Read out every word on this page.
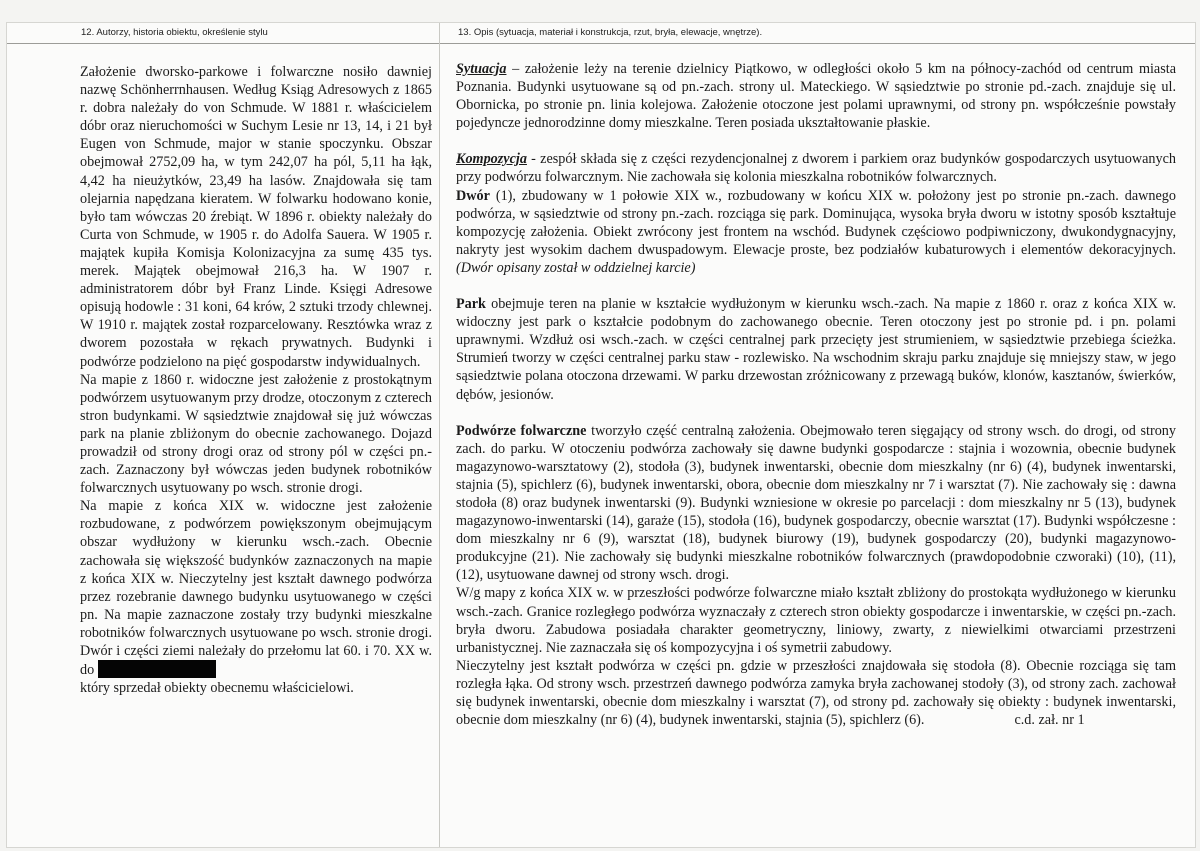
12. Autorzy, historia obiektu, określenie stylu

Założenie dworsko-parkowe i folwarczne nosiło dawniej nazwę Schönherrnhausen. Według Ksiąg Adresowych z 1865 r. dobra należały do von Schmude. W 1881 r. właścicielem dóbr oraz nieruchomości w Suchym Lesie nr 13, 14, i 21 był Eugen von Schmude, major w stanie spoczynku. Obszar obejmował 2752,09 ha, w tym 242,07 ha pól, 5,11 ha łąk, 4,42 ha nieużytków, 23,49 ha lasów. Znajdowała się tam olejarnia napędzana kieratem. W folwarku hodowano konie, było tam wówczas 20 źrebiąt. W 1896 r. obiekty należały do Curta von Schmude, w 1905 r. do Adolfa Sauera. W 1905 r. majątek kupiła Komisja Kolonizacyjna za sumę 435 tys. merek. Majątek obejmował 216,3 ha. W 1907 r. administratorem dóbr był Franz Linde. Księgi Adresowe opisują hodowle : 31 koni, 64 krów, 2 sztuki trzody chlewnej. W 1910 r. majątek został rozparcelowany. Resztówka wraz z dworem pozostała w rękach prywatnych. Budynki i podwórze podzielono na pięć gospodarstw indywidualnych.

Na mapie z 1860 r. widoczne jest założenie z prostokątnym podwórzem usytuowanym przy drodze, otoczonym z czterech stron budynkami. W sąsiedztwie znajdował się już wówczas park na planie zbliżonym do obecnie zachowanego. Dojazd prowadził od strony drogi oraz od strony pól w części pn.-zach. Zaznaczony był wówczas jeden budynek robotników folwarcznych usytuowany po wsch. stronie drogi.

Na mapie z końca XIX w. widoczne jest założenie rozbudowane, z podwórzem powiększonym obejmującym obszar wydłużony w kierunku wsch.-zach. Obecnie zachowała się większość budynków zaznaczonych na mapie z końca XIX w. Nieczytelny jest kształt dawnego podwórza przez rozebranie dawnego budynku usytuowanego w części pn. Na mapie zaznaczone zostały trzy budynki mieszkalne robotników folwarcznych usytuowane po wsch. stronie drogi. Dwór i części ziemi należały do przełomu lat 60. i 70. XX w. do

który sprzedał obiekty obecnemu właścicielowi.

13. Opis (sytuacja, materiał i konstrukcja, rzut, bryła, elewacje, wnętrze).

Sytuacja – założenie leży na terenie dzielnicy Piątkowo, w odległości około 5 km na północy-zachód od centrum miasta Poznania. Budynki usytuowane są od pn.-zach. strony ul. Mateckiego. W sąsiedztwie po stronie pd.-zach. znajduje się ul. Obornicka, po stronie pn. linia kolejowa. Założenie otoczone jest polami uprawnymi, od strony pn. współcześnie powstały pojedyncze jednorodzinne domy mieszkalne. Teren posiada ukształtowanie płaskie.

Kompozycja - zespół składa się z części rezydencjonalnej z dworem i parkiem oraz budynków gospodarczych usytuowanych przy podwórzu folwarcznym. Nie zachowała się kolonia mieszkalna robotników folwarcznych.

Dwór (1), zbudowany w 1 połowie XIX w., rozbudowany w końcu XIX w. położony jest po stronie pn.-zach. dawnego podwórza, w sąsiedztwie od strony pn.-zach. rozciąga się park. Dominująca, wysoka bryła dworu w istotny sposób kształtuje kompozycję założenia. Obiekt zwrócony jest frontem na wschód. Budynek częściowo podpiwniczony, dwukondygnacyjny, nakryty jest wysokim dachem dwuspadowym. Elewacje proste, bez podziałów kubaturowych i elementów dekoracyjnych. (Dwór opisany został w oddzielnej karcie)

Park obejmuje teren na planie w kształcie wydłużonym w kierunku wsch.-zach. Na mapie z 1860 r. oraz z końca XIX w. widoczny jest park o kształcie podobnym do zachowanego obecnie. Teren otoczony jest po stronie pd. i pn. polami uprawnymi. Wzdłuż osi wsch.-zach. w części centralnej park przecięty jest strumieniem, w sąsiedztwie przebiega ścieżka. Strumień tworzy w części centralnej parku staw - rozlewisko. Na wschodnim skraju parku znajduje się mniejszy staw, w jego sąsiedztwie polana otoczona drzewami. W parku drzewostan zróżnicowany z przewagą buków, klonów, kasztanów, świerków, dębów, jesionów.

Podwórze folwarczne tworzyło część centralną założenia. Obejmowało teren sięgający od strony wsch. do drogi, od strony zach. do parku. W otoczeniu podwórza zachowały się dawne budynki gospodarcze : stajnia i wozownia, obecnie budynek magazynowo-warsztatowy (2), stodoła (3), budynek inwentarski, obecnie dom mieszkalny (nr 6) (4), budynek inwentarski, stajnia (5), spichlerz (6), budynek inwentarski, obora, obecnie dom mieszkalny nr 7 i warsztat (7). Nie zachowały się : dawna stodoła (8) oraz budynek inwentarski (9). Budynki wzniesione w okresie po parcelacji : dom mieszkalny nr 5 (13), budynek magazynowo-inwentarski (14), garaże (15), stodoła (16), budynek gospodarczy, obecnie warsztat (17). Budynki współczesne : dom mieszkalny nr 6 (9), warsztat (18), budynek biurowy (19), budynek gospodarczy (20), budynki magazynowo-produkcyjne (21). Nie zachowały się budynki mieszkalne robotników folwarcznych (prawdopodobnie czworaki) (10), (11), (12), usytuowane dawnej od strony wsch. drogi.

W/g mapy z końca XIX w. w przeszłości podwórze folwarczne miało kształt zbliżony do prostokąta wydłużonego w kierunku wsch.-zach. Granice rozległego podwórza wyznaczały z czterech stron obiekty gospodarcze i inwentarskie, w części pn.-zach. bryła dworu. Zabudowa posiadała charakter geometryczny, liniowy, zwarty, z niewielkimi otwarciami przestrzeni urbanistycznej. Nie zaznaczała się oś kompozycyjna i oś symetrii zabudowy.

Nieczytelny jest kształt podwórza w części pn. gdzie w przeszłości znajdowała się stodoła (8). Obecnie rozciąga się tam rozległa łąka. Od strony wsch. przestrzeń dawnego podwórza zamyka bryła zachowanej stodoły (3), od strony zach. zachował się budynek inwentarski, obecnie dom mieszkalny i warsztat (7), od strony pd. zachowały się obiekty : budynek inwentarski, obecnie dom mieszkalny (nr 6) (4), budynek inwentarski, stajnia (5), spichlerz (6).	c.d. zał. nr 1
